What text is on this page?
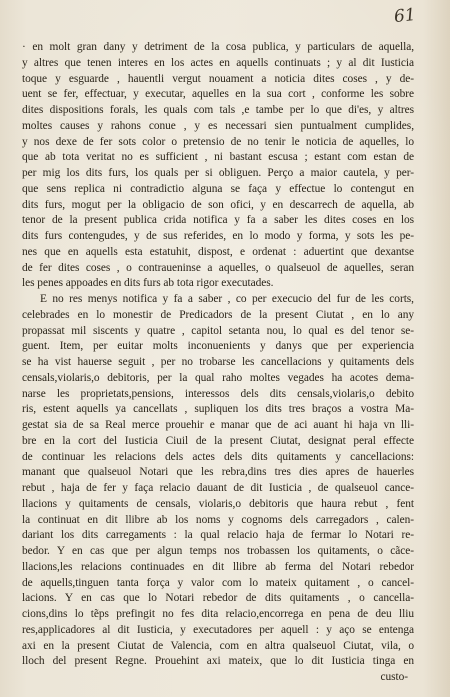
61
· en molt gran dany y detriment de la cosa publica, y particulars de aquella,
y altres que tenen interes en los actes en aquells continuats ; y al dit Iusticia
toque y esguarde , hauentli vergut nouament a noticia dites coses , y de-
uent se fer, effectuar, y executar, aquelles en la sua cort , conforme les sobre
dites dispositions forals, les quals com tals ,e tambe per lo que di'es, y altres
moltes causes y rahons conue , y es necessari sien puntualment cumplides,
y nos dexe de fer sots color o pretensio de no tenir le noticia de aquelles, lo
que ab tota veritat no es sufficient , ni bastant escusa ; estant com estan de
per mig los dits furs, los quals per si obliguen. Perço a maior cautela, y per-
que sens replica ni contradictio alguna se faça y effectue lo contengut en
dits furs, mogut per la obligacio de son ofici, y en descarrech de aquella, ab
tenor de la present publica crida notifica y fa a saber les dites coses en los
dits furs contengudes, y de sus referides, en lo modo y forma, y sots les pe-
nes que en aquells esta estatuhit, dispost, e ordenat : aduertint que dexantse
de fer dites coses , o contraueninse a aquelles, o qualseuol de aquelles, seran
les penes appoades en dits furs ab tota rigor executades.
E no res menys notifica y fa a saber , co per execucio del fur de les corts,
celebrades en lo monestir de Predicadors de la present Ciutat , en lo any
propassat mil siscents y quatre , capitol setanta nou, lo qual es del tenor se-
guent. Item, per euitar molts inconuenients y danys que per experiencia
se ha vist hauerse seguit , per no trobarse les cancellacions y quitaments dels
censals,violaris,o debitoris, per la qual raho moltes vegades ha acotes dema-
narse les proprietats,pensions, interessos dels dits censals,violaris,o debito
ris, estent aquells ya cancellats , supliquen los dits tres braços a vostra Ma-
gestat sia de sa Real merce prouehir e manar que de aci auant hi haja vn lli-
bre en la cort del Iusticia Ciuil de la present Ciutat, designat peral effecte
de continuar les relacions dels actes dels dits quitaments y cancellacions:
manant que qualseuol Notari que les rebra,dins tres dies apres de hauerles
rebut , haja de fer y faça relacio dauant de dit Iusticia , de qualseuol cance-
llacions y quitaments de censals, violaris,o debitoris que haura rebut , fent
la continuat en dit llibre ab los noms y cognoms dels carregadors , calen-
dariant los dits carregaments : la qual relacio haja de fermar lo Notari re-
bedor. Y en cas que per algun temps nos trobassen los quitaments, o cãce-
llacions,les relacions continuades en dit llibre ab ferma del Notari rebedor
de aquells,tinguen tanta força y valor com lo mateix quitament , o cancel-
lacions. Y en cas que lo Notari rebedor de dits quitaments , o cancella-
cions,dins lo tẽps prefingit no fes dita relacio,encorrega en pena de deu lliu
res,applicadores al dit Iusticia, y executadores per aquell : y aço se entenga
axi en la present Ciutat de Valencia, com en altra qualseuol Ciutat, vila, o
lloch del present Regne. Prouehint axi mateix, que lo dit Iusticia tinga en
custo-
